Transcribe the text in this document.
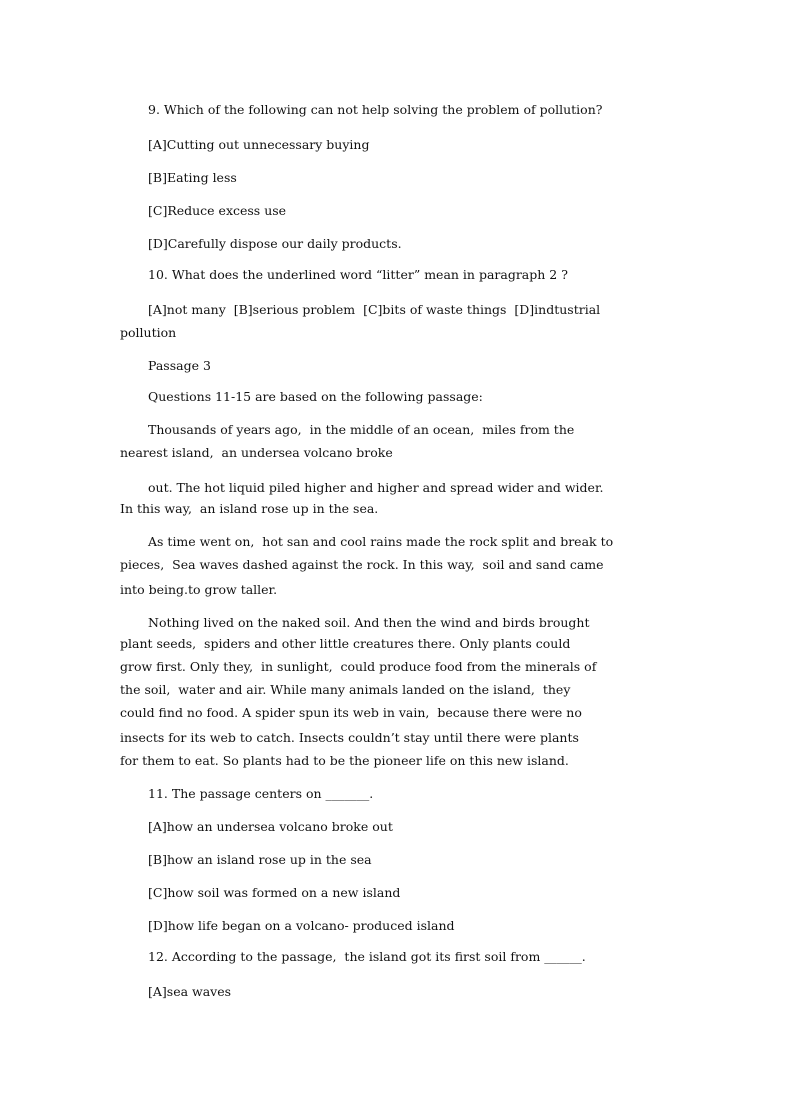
9. Which of the following can not help solving the problem of pollution?
[A]Cutting out unnecessary buying
[B]Eating less
[C]Reduce excess use
[D]Carefully dispose our daily products.
10. What does the underlined word “litter” mean in paragraph 2 ?
[A]not many  [B]serious problem  [C]bits of waste things  [D]indtustrial
pollution
Passage 3
Questions 11-15 are based on the following passage:
Thousands of years ago,  in the middle of an ocean,  miles from the
nearest island,  an undersea volcano broke
out. The hot liquid piled higher and higher and spread wider and wider.
In this way,  an island rose up in the sea.
As time went on,  hot san and cool rains made the rock split and break to
pieces,  Sea waves dashed against the rock. In this way,  soil and sand came
into being.to grow taller.
Nothing lived on the naked soil. And then the wind and birds brought
plant seeds,  spiders and other little creatures there. Only plants could
grow first. Only they,  in sunlight,  could produce food from the minerals of
the soil,  water and air. While many animals landed on the island,  they
could find no food. A spider spun its web in vain,  because there were no
insects for its web to catch. Insects couldn’t stay until there were plants
for them to eat. So plants had to be the pioneer life on this new island.
11. The passage centers on _______.
[A]how an undersea volcano broke out
[B]how an island rose up in the sea
[C]how soil was formed on a new island
[D]how life began on a volcano- produced island
12. According to the passage,  the island got its first soil from ______.
[A]sea waves
